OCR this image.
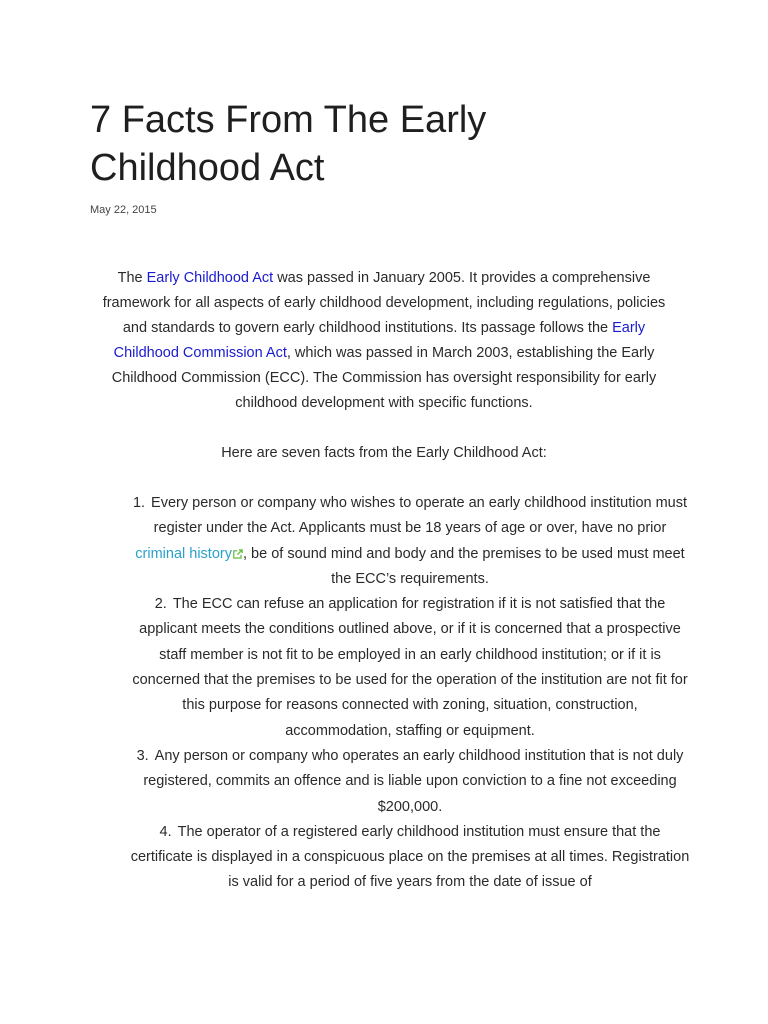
7 Facts From The Early Childhood Act
May 22, 2015

The Early Childhood Act was passed in January 2005. It provides a comprehensive framework for all aspects of early childhood development, including regulations, policies and standards to govern early childhood institutions. Its passage follows the Early Childhood Commission Act, which was passed in March 2003, establishing the Early Childhood Commission (ECC). The Commission has oversight responsibility for early childhood development with specific functions.

Here are seven facts from the Early Childhood Act:

1. Every person or company who wishes to operate an early childhood institution must register under the Act. Applicants must be 18 years of age or over, have no prior criminal history , be of sound mind and body and the premises to be used must meet the ECC’s requirements.
2. The ECC can refuse an application for registration if it is not satisfied that the applicant meets the conditions outlined above, or if it is concerned that a prospective staff member is not fit to be employed in an early childhood institution; or if it is concerned that the premises to be used for the operation of the institution are not fit for this purpose for reasons connected with zoning, situation, construction, accommodation, staffing or equipment.
3. Any person or company who operates an early childhood institution that is not duly registered, commits an offence and is liable upon conviction to a fine not exceeding $200,000.
4. The operator of a registered early childhood institution must ensure that the certificate is displayed in a conspicuous place on the premises at all times. Registration is valid for a period of five years from the date of issue of
